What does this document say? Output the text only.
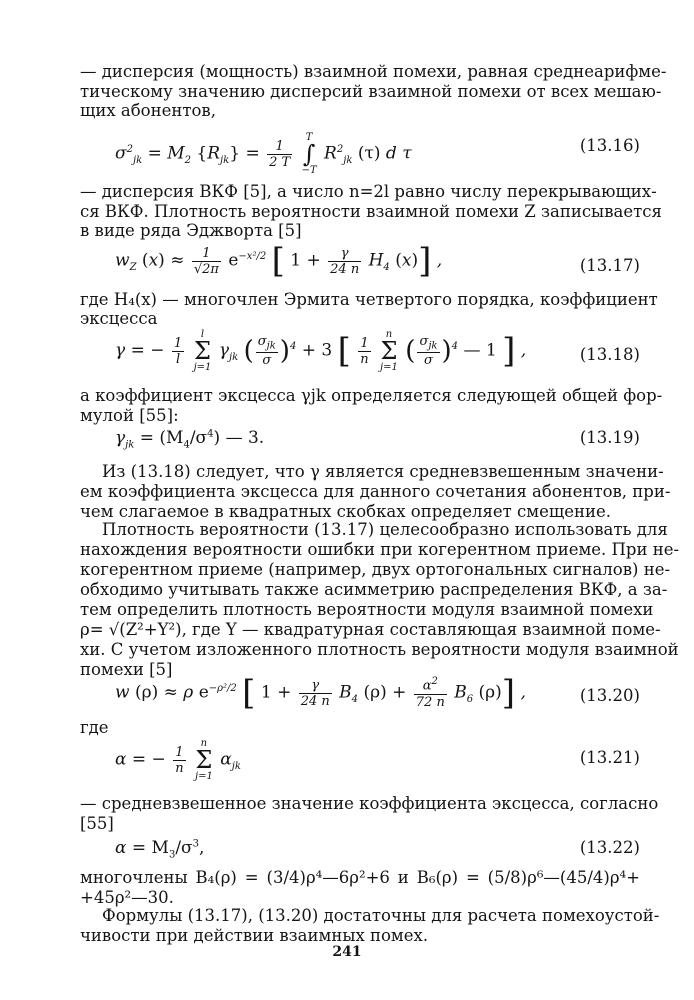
— дисперсия (мощность) взаимной помехи, равная среднеарифме-
тическому значению дисперсий взаимной помехи от всех мешаю-
щих абонентов,
$\sigma^2_{jk} = M_2$ $\{R_{jk}\} = \frac{1}{2 T}$
T
∫
−T $R^2_{jk}$ (τ) d τ	(13.16)
— дисперсия ВКФ [5], а число n=2l равно числу перекрывающих-
ся ВКФ. Плотность вероятности взаимной помехи Z записывается
в виде ряда Эджворта [5]
$w_Z$ $(x) \approx \frac{1}{√2\pi} e^{-x^2/2}$ [ $1 + \frac{\gamma}{24 n} H_4$ (x)] ,	(13.17)
где H₄(x) — многочлен Эрмита четвертого порядка, коэффициент
эксцесса
γ = − $\frac{1}{l}$
l
Σ
j=1 $\gamma_{jk}$ ( $\frac{\sigma_{jk}}{\sigma} )^4 + 3$ [ $\frac{1}{n}$
n
Σ
j=1 ( $\frac{\sigma_{jk}}{\sigma} )^4$ — 1 ] ,	(13.18)
а коэффициент эксцесса γjk определяется следующей общей фор-
мулой [55]:
$\gamma_{jk} = (M_4/\sigma^4)$ — 3.	(13.19)
Из (13.18) следует, что γ является средневзвешенным значени-
ем коэффициента эксцесса для данного сочетания абонентов, при-
чем слагаемое в квадратных скобках определяет смещение.
Плотность вероятности (13.17) целесообразно использовать для
нахождения вероятности ошибки при когерентном приеме. При не-
когерентном приеме (например, двух ортогональных сигналов) не-
обходимо учитывать также асимметрию распределения ВКФ, а за-
тем определить плотность вероятности модуля взаимной помехи
ρ= √(Z²+Y²), где Y — квадратурная составляющая взаимной поме-
хи. С учетом изложенного плотность вероятности модуля взаимной
помехи [5]
w (ρ) ≈ ρ $e^{-\rho^2/2}$ [ $1 + \frac{\gamma}{24 n} B_4$ $(\rho) + \frac{\alpha^2}{72 n} B_6$ (ρ)] ,	(13.20)
где
α = − $\frac{1}{n}$
n
Σ
j=1 $\alpha_{jk}$	(13.21)
— средневзвешенное значение коэффициента эксцесса, согласно
[55]
$\alpha = M_3/\sigma^3$,	(13.22)
многочлены B₄(ρ) = (3/4)ρ⁴—6ρ²+6 и B₆(ρ) = (5/8)ρ⁶—(45/4)ρ⁴+
+45ρ²—30.
Формулы (13.17), (13.20) достаточны для расчета помехоустой-
чивости при действии взаимных помех.
241
